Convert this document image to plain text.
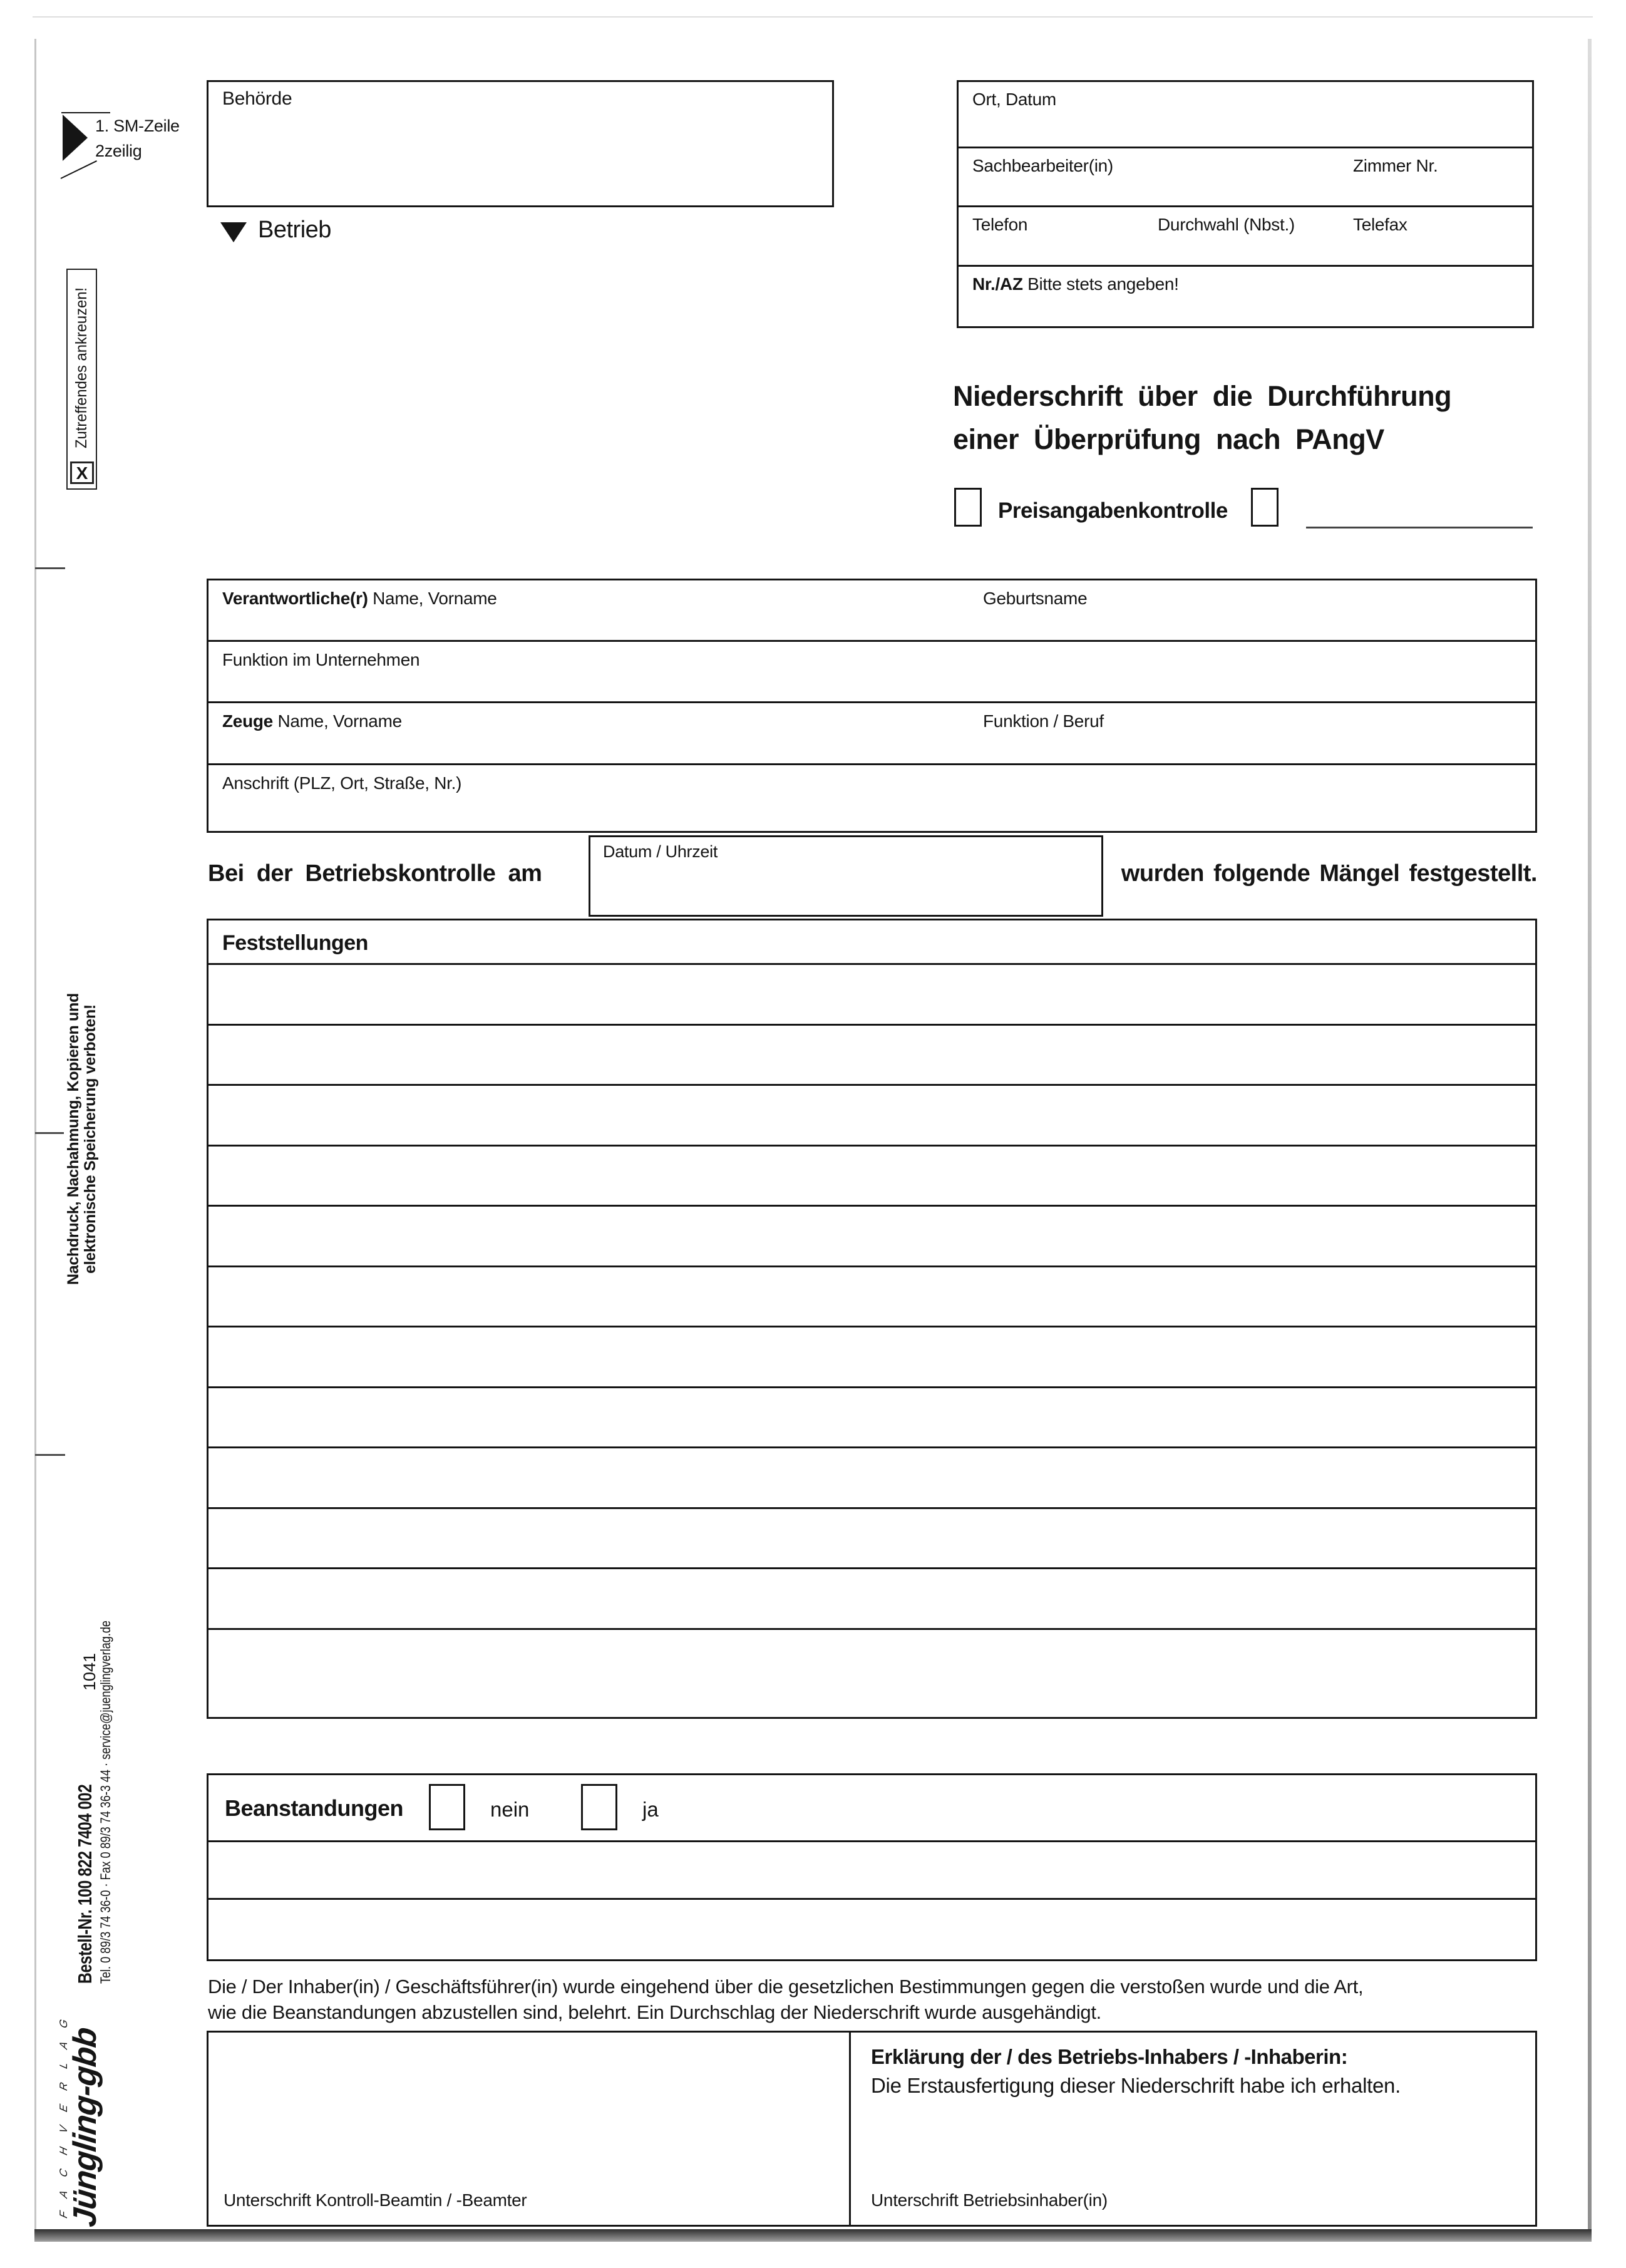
1. SM-Zeile
2zeilig
Behörde
Betrieb
Ort, Datum
Sachbearbeiter(in)	Zimmer Nr.
Telefon	Durchwahl (Nbst.)	Telefax
Nr./AZ Bitte stets angeben!
Niederschrift über die Durchführung
einer Überprüfung nach PAngV
Preisangabenkontrolle
Verantwortliche(r) Name, Vorname	Geburtsname
Funktion im Unternehmen
Zeuge Name, Vorname	Funktion / Beruf
Anschrift (PLZ, Ort, Straße, Nr.)
Bei der Betriebskontrolle am
Datum / Uhrzeit
wurden folgende Mängel festgestellt.
Feststellungen
Beanstandungen	nein	ja
Die / Der Inhaber(in) / Geschäftsführer(in) wurde eingehend über die gesetzlichen Bestimmungen gegen die verstoßen wurde und die Art,
wie die Beanstandungen abzustellen sind, belehrt. Ein Durchschlag der Niederschrift wurde ausgehändigt.
Unterschrift Kontroll-Beamtin / -Beamter
Erklärung der / des Betriebs-Inhabers / -Inhaberin:
Die Erstausfertigung dieser Niederschrift habe ich erhalten.
Unterschrift Betriebsinhaber(in)
Zutreffendes ankreuzen!
X
Nachdruck, Nachahmung, Kopieren und elektronische Speicherung verboten!
1041
Bestell-Nr. 100 822 7404 002 Tel. 0 89/3 74 36-0 · Fax 0 89/3 74 36-3 44 · service@juenglingverlag.de
F A C H V E R L A G
Jüngling-gbb
